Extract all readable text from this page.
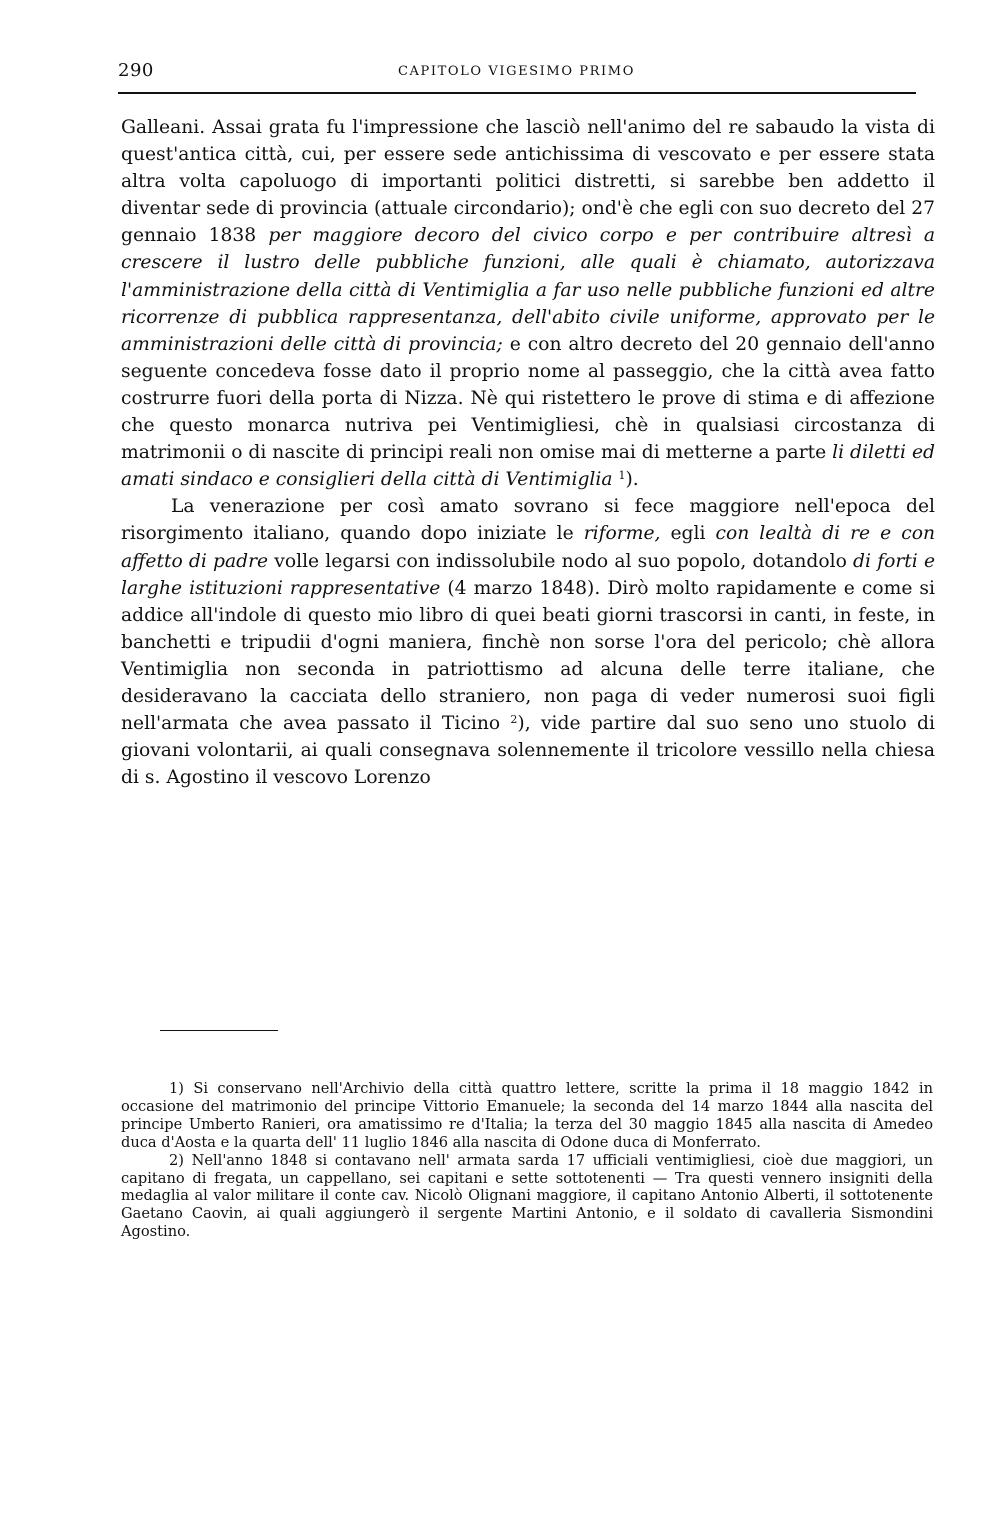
290	CAPITOLO VIGESIMO PRIMO

Galleani. Assai grata fu l'impressione che lasciò nell'animo del re sabaudo la vista di quest'antica città, cui, per essere sede antichissima di vescovato e per essere stata altra volta capoluogo di importanti politici distretti, si sarebbe ben addetto il diventar sede di provincia (attuale circondario); ond'è che egli con suo decreto del 27 gennaio 1838 per maggiore decoro del civico corpo e per contribuire altresì a crescere il lustro delle pubbliche funzioni, alle quali è chiamato, autorizzava l'amministrazione della città di Ventimiglia a far uso nelle pubbliche funzioni ed altre ricorrenze di pubblica rappresentanza, dell'abito civile uniforme, approvato per le amministrazioni delle città di provincia; e con altro decreto del 20 gennaio dell'anno seguente concedeva fosse dato il proprio nome al passeggio, che la città avea fatto costrurre fuori della porta di Nizza. Nè qui ristettero le prove di stima e di affezione che questo monarca nutriva pei Ventimigliesi, chè in qualsiasi circostanza di matrimonii o di nascite di principi reali non omise mai di metterne a parte li diletti ed amati sindaco e consiglieri della città di Ventimiglia $^1$).

La venerazione per così amato sovrano si fece maggiore nell'epoca del risorgimento italiano, quando dopo iniziate le riforme, egli con lealtà di re e con affetto di padre volle legarsi con indissolubile nodo al suo popolo, dotandolo di forti e larghe istituzioni rappresentative (4 marzo 1848). Dirò molto rapidamente e come si addice all'indole di questo mio libro di quei beati giorni trascorsi in canti, in feste, in banchetti e tripudii d'ogni maniera, finchè non sorse l'ora del pericolo; chè allora Ventimiglia non seconda in patriottismo ad alcuna delle terre italiane, che desideravano la cacciata dello straniero, non paga di veder numerosi suoi figli nell'armata che avea passato il Ticino $^2$), vide partire dal suo seno uno stuolo di giovani volontarii, ai quali consegnava solennemente il tricolore vessillo nella chiesa di s. Agostino il vescovo Lorenzo

1) Si conservano nell'Archivio della città quattro lettere, scritte la prima il 18 maggio 1842 in occasione del matrimonio del principe Vittorio Emanuele; la seconda del 14 marzo 1844 alla nascita del principe Umberto Ranieri, ora amatissimo re d'Italia; la terza del 30 maggio 1845 alla nascita di Amedeo duca d'Aosta e la quarta dell' 11 luglio 1846 alla nascita di Odone duca di Monferrato.

2) Nell'anno 1848 si contavano nell' armata sarda 17 ufficiali ventimigliesi, cioè due maggiori, un capitano di fregata, un cappellano, sei capitani e sette sottotenenti — Tra questi vennero insigniti della medaglia al valor militare il conte cav. Nicolò Olignani maggiore, il capitano Antonio Alberti, il sottotenente Gaetano Caovin, ai quali aggiungerò il sergente Martini Antonio, e il soldato di cavalleria Sismondini Agostino.
